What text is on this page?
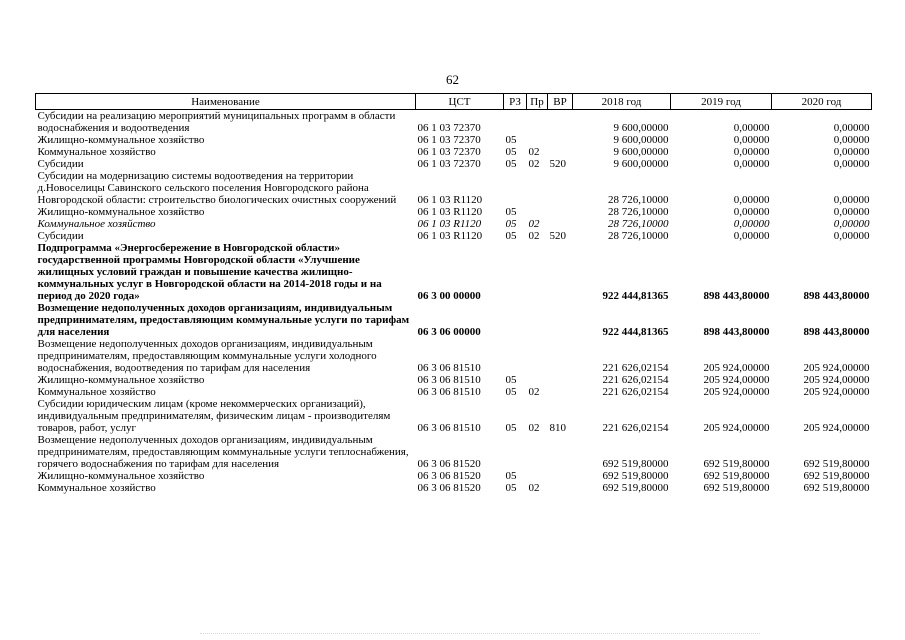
62
Наименование	ЦСТ	РЗ	Пр	ВР	2018 год	2019 год	2020 год
Субсидии на реализацию мероприятий муниципальных программ в области водоснабжения и водоотведения	06 1 03 72370				9 600,00000	0,00000	0,00000
Жилищно-коммунальное хозяйство	06 1 03 72370	05			9 600,00000	0,00000	0,00000
Коммунальное хозяйство	06 1 03 72370	05	02		9 600,00000	0,00000	0,00000
Субсидии	06 1 03 72370	05	02	520	9 600,00000	0,00000	0,00000
Субсидии на модернизацию системы водоотведения на территории д.Новоселицы Савинского сельского поселения Новгородского района Новгородской области: строительство биологических очистных сооружений	06 1 03 R1120				28 726,10000	0,00000	0,00000
Жилищно-коммунальное хозяйство	06 1 03 R1120	05			28 726,10000	0,00000	0,00000
Коммунальное хозяйство	06 1 03 R1120	05	02		28 726,10000	0,00000	0,00000
Субсидии	06 1 03 R1120	05	02	520	28 726,10000	0,00000	0,00000
Подпрограмма «Энергосбережение в Новгородской области» государственной программы Новгородской области «Улучшение жилищных условий граждан и повышение качества жилищно-коммунальных услуг в Новгородской области на 2014-2018 годы и на период до 2020 года»	06 3 00 00000				922 444,81365	898 443,80000	898 443,80000
Возмещение недополученных доходов организациям, индивидуальным предпринимателям, предоставляющим коммунальные услуги по тарифам для населения	06 3 06 00000				922 444,81365	898 443,80000	898 443,80000
Возмещение недополученных доходов организациям, индивидуальным предпринимателям, предоставляющим коммунальные услуги холодного водоснабжения, водоотведения по тарифам для населения	06 3 06 81510				221 626,02154	205 924,00000	205 924,00000
Жилищно-коммунальное хозяйство	06 3 06 81510	05			221 626,02154	205 924,00000	205 924,00000
Коммунальное хозяйство	06 3 06 81510	05	02		221 626,02154	205 924,00000	205 924,00000
Субсидии юридическим лицам (кроме некоммерческих организаций), индивидуальным предпринимателям, физическим лицам - производителям товаров, работ, услуг	06 3 06 81510	05	02	810	221 626,02154	205 924,00000	205 924,00000
Возмещение недополученных доходов организациям, индивидуальным предпринимателям, предоставляющим коммунальные услуги теплоснабжения, горячего водоснабжения по тарифам для населения	06 3 06 81520				692 519,80000	692 519,80000	692 519,80000
Жилищно-коммунальное хозяйство	06 3 06 81520	05			692 519,80000	692 519,80000	692 519,80000
Коммунальное хозяйство	06 3 06 81520	05	02		692 519,80000	692 519,80000	692 519,80000
